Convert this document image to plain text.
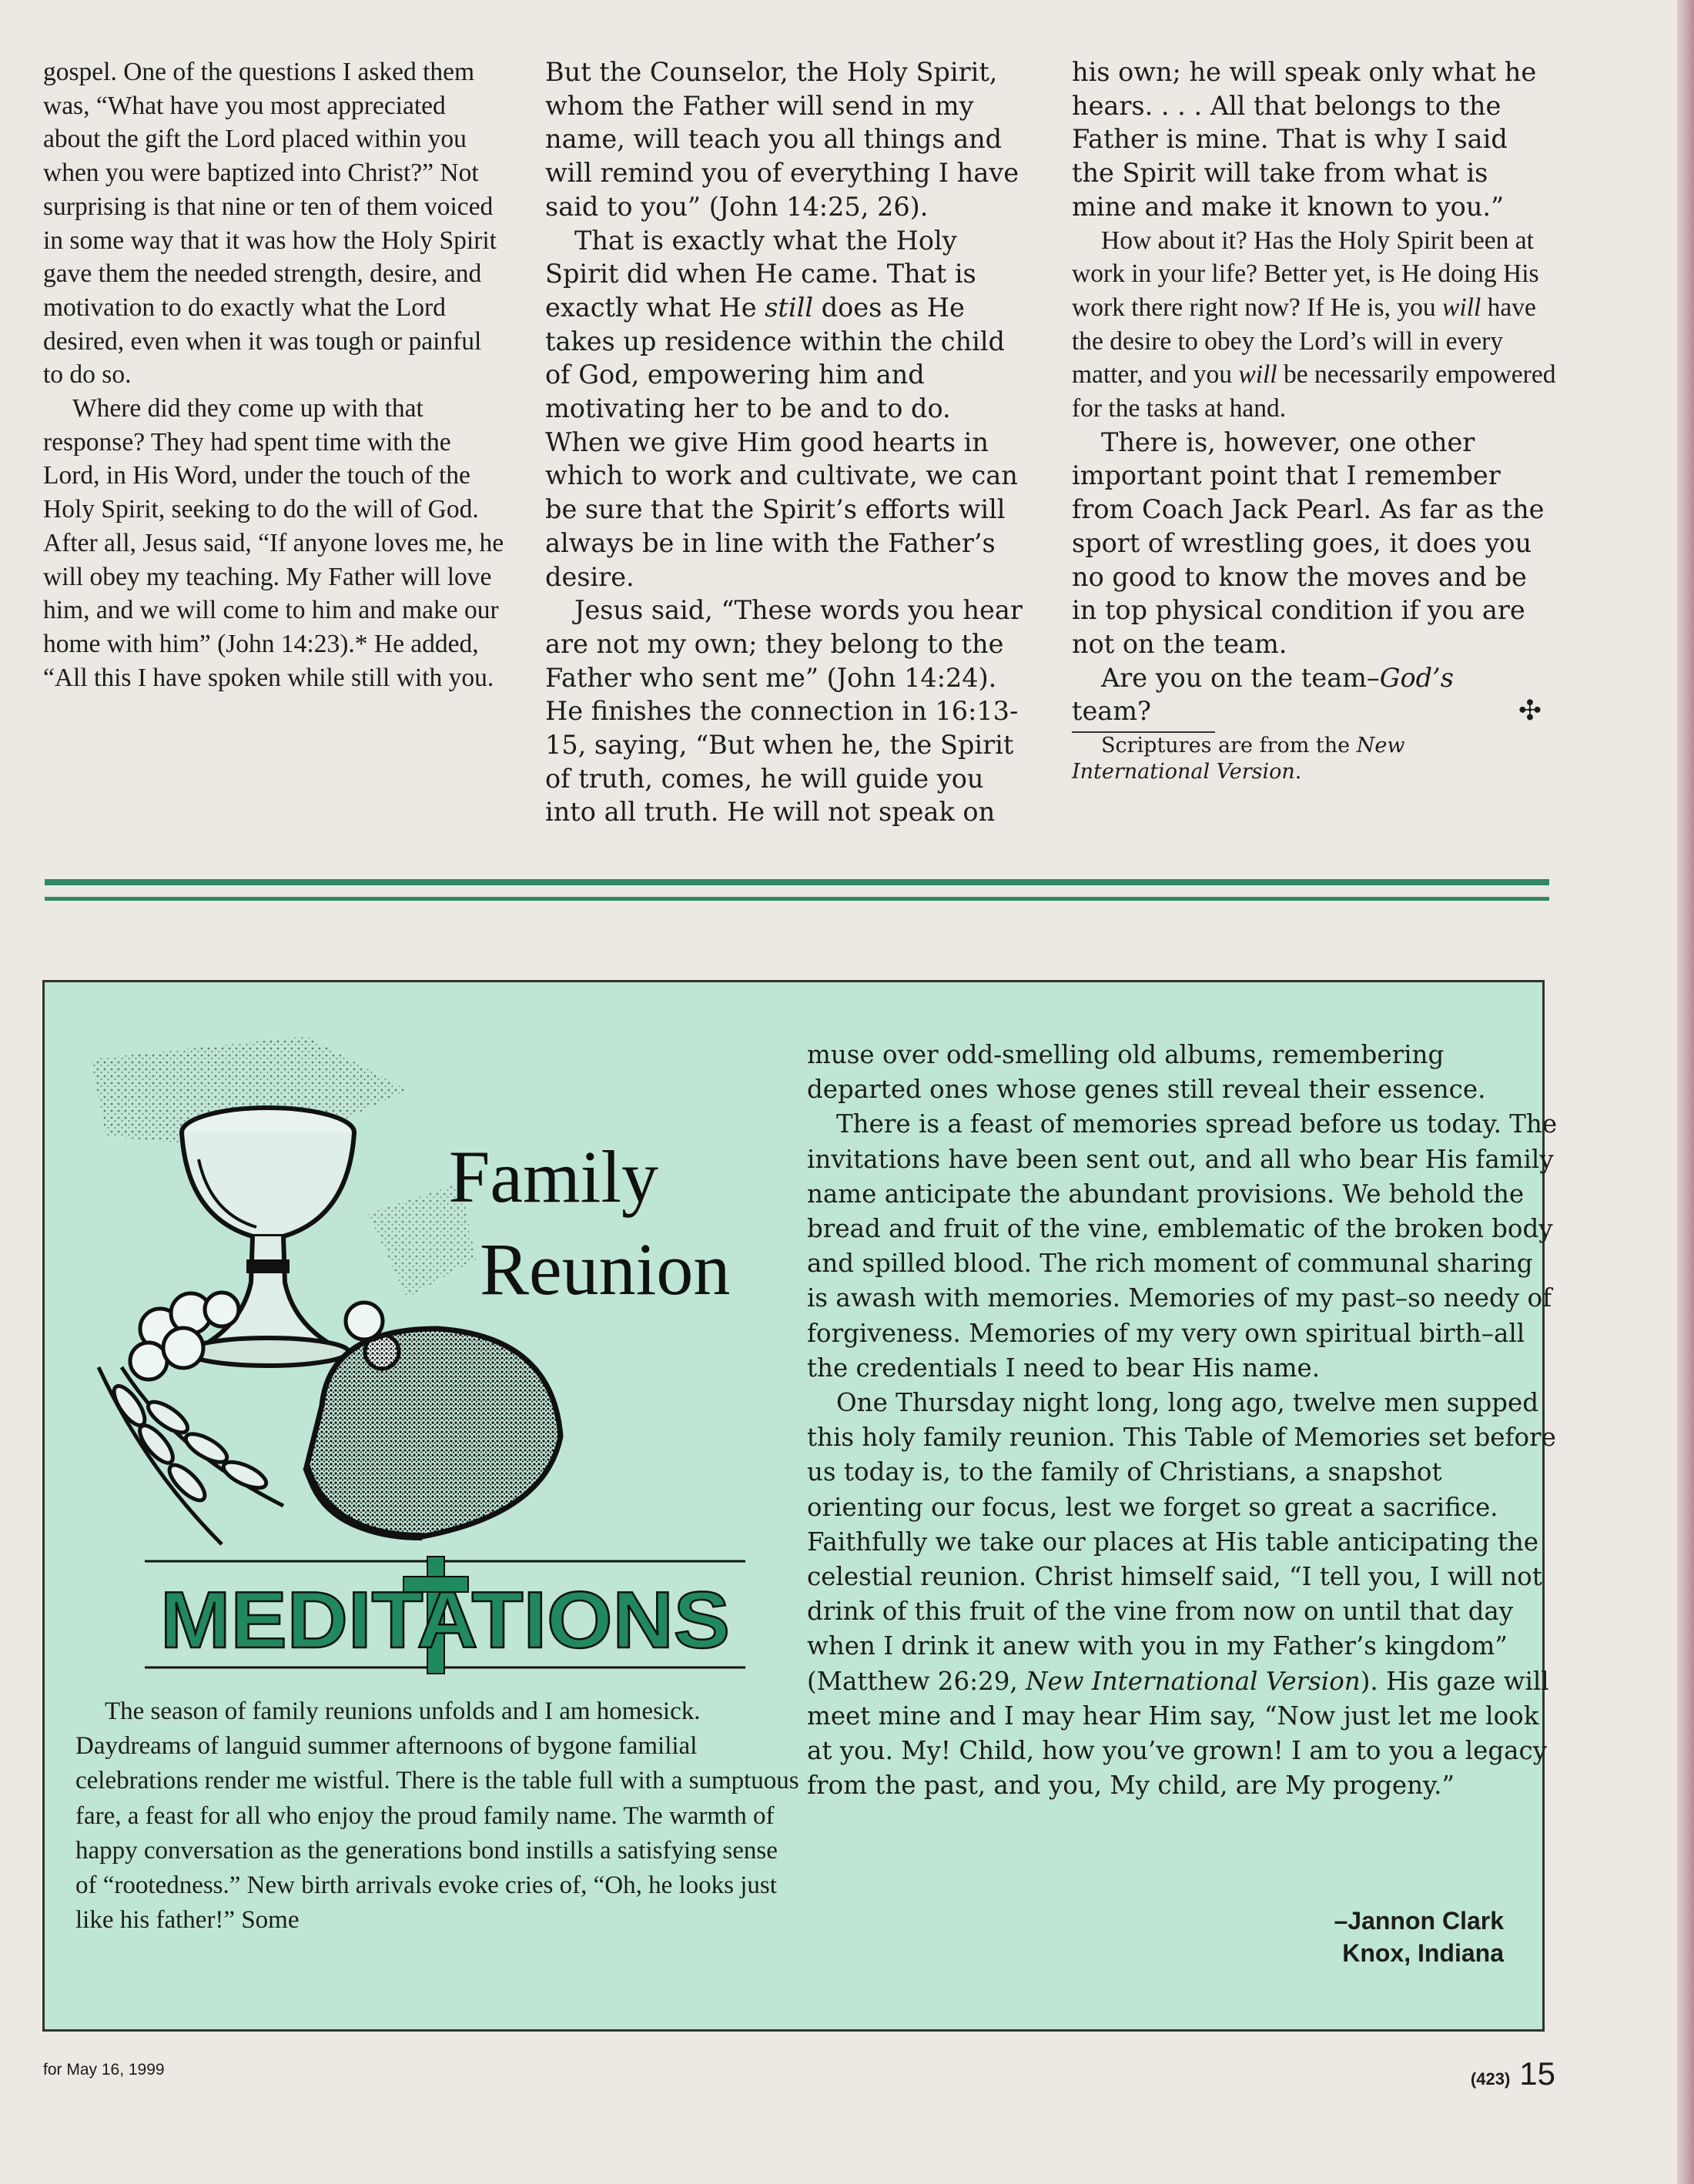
gospel. One of the questions I asked them was, “What have you most appreciated about the gift the Lord placed within you when you were baptized into Christ?” Not surprising is that nine or ten of them voiced in some way that it was how the Holy Spirit gave them the needed strength, desire, and motivation to do exactly what the Lord desired, even when it was tough or painful to do so.

Where did they come up with that response? They had spent time with the Lord, in His Word, under the touch of the Holy Spirit, seeking to do the will of God. After all, Jesus said, “If anyone loves me, he will obey my teaching. My Father will love him, and we will come to him and make our home with him” (John 14:23).* He added, “All this I have spoken while still with you.

But the Counselor, the Holy Spirit, whom the Father will send in my name, will teach you all things and will remind you of everything I have said to you” (John 14:25, 26).

That is exactly what the Holy Spirit did when He came. That is exactly what He still does as He takes up residence within the child of God, empowering him and motivating her to be and to do. When we give Him good hearts in which to work and cultivate, we can be sure that the Spirit’s efforts will always be in line with the Father’s desire.

Jesus said, “These words you hear are not my own; they belong to the Father who sent me” (John 14:24). He finishes the connection in 16:13-15, saying, “But when he, the Spirit of truth, comes, he will guide you into all truth. He will not speak on

his own; he will speak only what he hears. . . . All that belongs to the Father is mine. That is why I said the Spirit will take from what is mine and make it known to you.”

How about it? Has the Holy Spirit been at work in your life? Better yet, is He doing His work there right now? If He is, you will have the desire to obey the Lord’s will in every matter, and you will be necessarily empowered for the tasks at hand.

There is, however, one other important point that I remember from Coach Jack Pearl. As far as the sport of wrestling goes, it does you no good to know the moves and be in top physical condition if you are not on the team.

Are you on the team–God’s

team?	✣

Scriptures are from the New
International Version.

Family
Reunion
MEDITATIONS

The season of family reunions unfolds and I am homesick. Daydreams of languid summer afternoons of bygone familial celebrations render me wistful. There is the table full with a sumptuous fare, a feast for all who enjoy the proud family name. The warmth of happy conversation as the generations bond instills a satisfying sense of “rootedness.” New birth arrivals evoke cries of, “Oh, he looks just like his father!” Some

muse over odd-smelling old albums, remembering departed ones whose genes still reveal their essence.

There is a feast of memories spread before us today. The invitations have been sent out, and all who bear His family name anticipate the abundant provisions. We behold the bread and fruit of the vine, emblematic of the broken body and spilled blood. The rich moment of communal sharing is awash with memories. Memories of my past–so needy of forgiveness. Memories of my very own spiritual birth–all the credentials I need to bear His name.

One Thursday night long, long ago, twelve men supped this holy family reunion. This Table of Memories set before us today is, to the family of Christians, a snapshot orienting our focus, lest we forget so great a sacrifice. Faithfully we take our places at His table anticipating the celestial reunion. Christ himself said, “I tell you, I will not drink of this fruit of the vine from now on until that day when I drink it anew with you in my Father’s kingdom” (Matthew 26:29, New International Version). His gaze will meet mine and I may hear Him say, “Now just let me look at you. My! Child, how you’ve grown! I am to you a legacy from the past, and you, My child, are My progeny.”

–Jannon Clark
Knox, Indiana
for May 16, 1999	(423) 15
